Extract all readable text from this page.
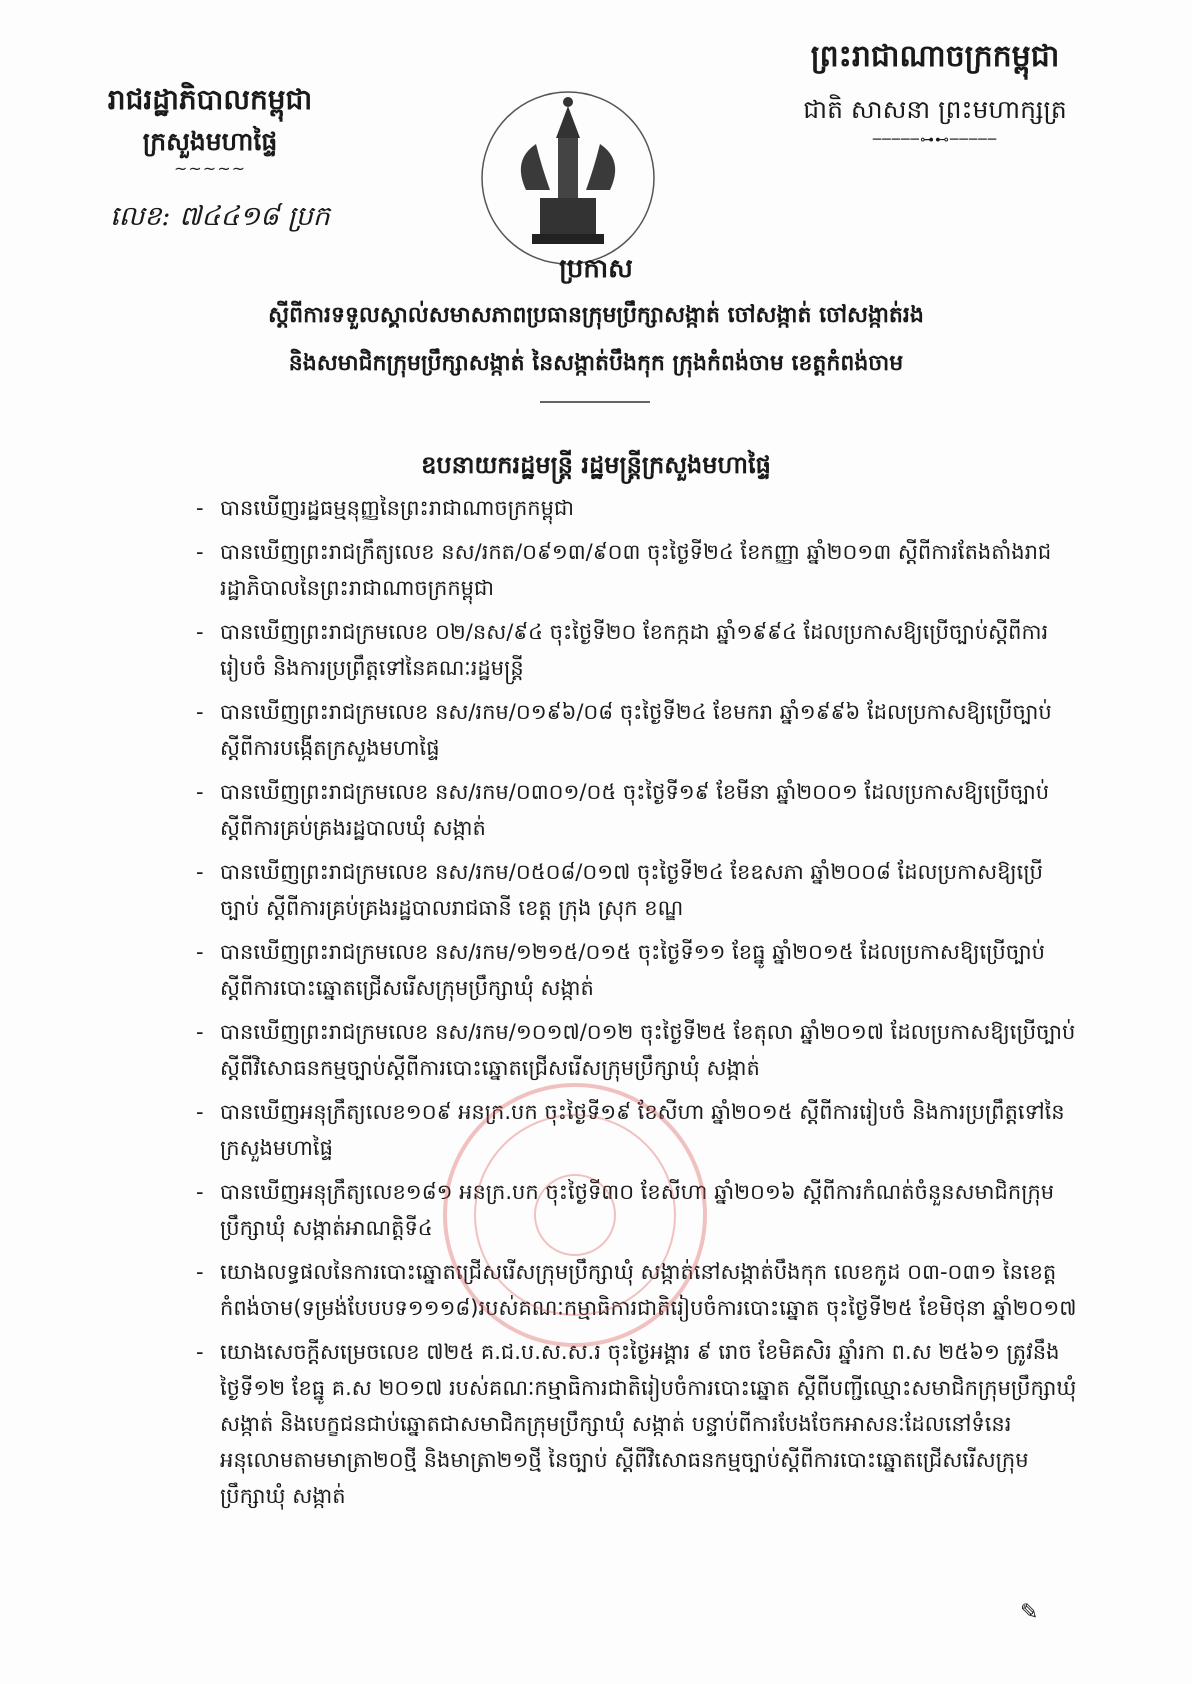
រាជរដ្ឋាភិបាលកម្ពុជា
ក្រសួងមហាផ្ទៃ
~~~~~
លេខ: ៧៤៤១៨ ប្រក
ព្រះរាជាណាចក្រកម្ពុជា
ជាតិ សាសនា ព្រះមហាក្សត្រ
─────⊶⊷─────
ប្រកាស
ស្តីពីការទទួលស្គាល់សមាសភាពប្រធានក្រុមប្រឹក្សាសង្កាត់ ចៅសង្កាត់ ចៅសង្កាត់រង
និងសមាជិកក្រុមប្រឹក្សាសង្កាត់ នៃសង្កាត់បឹងកុក ក្រុងកំពង់ចាម ខេត្តកំពង់ចាម
ឧបនាយករដ្ឋមន្ត្រី រដ្ឋមន្ត្រីក្រសួងមហាផ្ទៃ
- បានឃើញរដ្ឋធម្មនុញ្ញនៃព្រះរាជាណាចក្រកម្ពុជា
- បានឃើញព្រះរាជក្រឹត្យលេខ នស/រកត/០៩១៣/៩០៣ ចុះថ្ងៃទី២៤ ខែកញ្ញា ឆ្នាំ២០១៣ ស្តីពីការតែងតាំងរាជរដ្ឋាភិបាលនៃព្រះរាជាណាចក្រកម្ពុជា
- បានឃើញព្រះរាជក្រមលេខ ០២/នស/៩៤ ចុះថ្ងៃទី២០ ខែកក្កដា ឆ្នាំ១៩៩៤ ដែលប្រកាសឱ្យប្រើច្បាប់ស្តីពីការរៀបចំ និងការប្រព្រឹត្តទៅនៃគណៈរដ្ឋមន្ត្រី
- បានឃើញព្រះរាជក្រមលេខ នស/រកម/០១៩៦/០៨ ចុះថ្ងៃទី២៤ ខែមករា ឆ្នាំ១៩៩៦ ដែលប្រកាសឱ្យប្រើច្បាប់ ស្តីពីការបង្កើតក្រសួងមហាផ្ទៃ
- បានឃើញព្រះរាជក្រមលេខ នស/រកម/០៣០១/០៥ ចុះថ្ងៃទី១៩ ខែមីនា ឆ្នាំ២០០១ ដែលប្រកាសឱ្យប្រើច្បាប់ ស្តីពីការគ្រប់គ្រងរដ្ឋបាលឃុំ សង្កាត់
- បានឃើញព្រះរាជក្រមលេខ នស/រកម/០៥០៨/០១៧ ចុះថ្ងៃទី២៤ ខែឧសភា ឆ្នាំ២០០៨ ដែលប្រកាសឱ្យប្រើច្បាប់ ស្តីពីការគ្រប់គ្រងរដ្ឋបាលរាជធានី ខេត្ត ក្រុង ស្រុក ខណ្ឌ
- បានឃើញព្រះរាជក្រមលេខ នស/រកម/១២១៥/០១៥ ចុះថ្ងៃទី១១ ខែធ្នូ ឆ្នាំ២០១៥ ដែលប្រកាសឱ្យប្រើច្បាប់ ស្តីពីការបោះឆ្នោតជ្រើសរើសក្រុមប្រឹក្សាឃុំ សង្កាត់
- បានឃើញព្រះរាជក្រមលេខ នស/រកម/១០១៧/០១២ ចុះថ្ងៃទី២៥ ខែតុលា ឆ្នាំ២០១៧ ដែលប្រកាសឱ្យប្រើច្បាប់ ស្តីពីវិសោធនកម្មច្បាប់ស្តីពីការបោះឆ្នោតជ្រើសរើសក្រុមប្រឹក្សាឃុំ សង្កាត់
- បានឃើញអនុក្រឹត្យលេខ១០៩ អនក្រ.បក ចុះថ្ងៃទី១៩ ខែសីហា ឆ្នាំ២០១៥ ស្តីពីការរៀបចំ និងការប្រព្រឹត្តទៅនៃក្រសួងមហាផ្ទៃ
- បានឃើញអនុក្រឹត្យលេខ១៨១ អនក្រ.បក ចុះថ្ងៃទី៣០ ខែសីហា ឆ្នាំ២០១៦ ស្តីពីការកំណត់ចំនួនសមាជិកក្រុមប្រឹក្សាឃុំ សង្កាត់អាណត្តិទី៤
- យោងលទ្ធផលនៃការបោះឆ្នោតជ្រើសរើសក្រុមប្រឹក្សាឃុំ សង្កាត់នៅសង្កាត់បឹងកុក លេខកូដ ០៣-០៣១ នៃខេត្តកំពង់ចាម(ទម្រង់បែបបទ១១១៨)របស់គណៈកម្មាធិការជាតិរៀបចំការបោះឆ្នោត ចុះថ្ងៃទី២៥ ខែមិថុនា ឆ្នាំ២០១៧
- យោងសេចក្តីសម្រេចលេខ ៧២៥ គ.ជ.ប.ស.ស.រ ចុះថ្ងៃអង្គារ ៩ រោច ខែមិគសិរ ឆ្នាំរកា ព.ស ២៥៦១ ត្រូវនឹងថ្ងៃទី១២ ខែធ្នូ គ.ស ២០១៧ របស់គណៈកម្មាធិការជាតិរៀបចំការបោះឆ្នោត ស្តីពីបញ្ជីឈ្មោះសមាជិកក្រុមប្រឹក្សាឃុំ សង្កាត់ និងបេក្ខជនជាប់ឆ្នោតជាសមាជិកក្រុមប្រឹក្សាឃុំ សង្កាត់ បន្ទាប់ពីការបែងចែកអាសនៈដែលនៅទំនេរអនុលោមតាមមាត្រា២០ថ្មី និងមាត្រា២១ថ្មី នៃច្បាប់ ស្តីពីវិសោធនកម្មច្បាប់ស្តីពីការបោះឆ្នោតជ្រើសរើសក្រុមប្រឹក្សាឃុំ សង្កាត់
✎
